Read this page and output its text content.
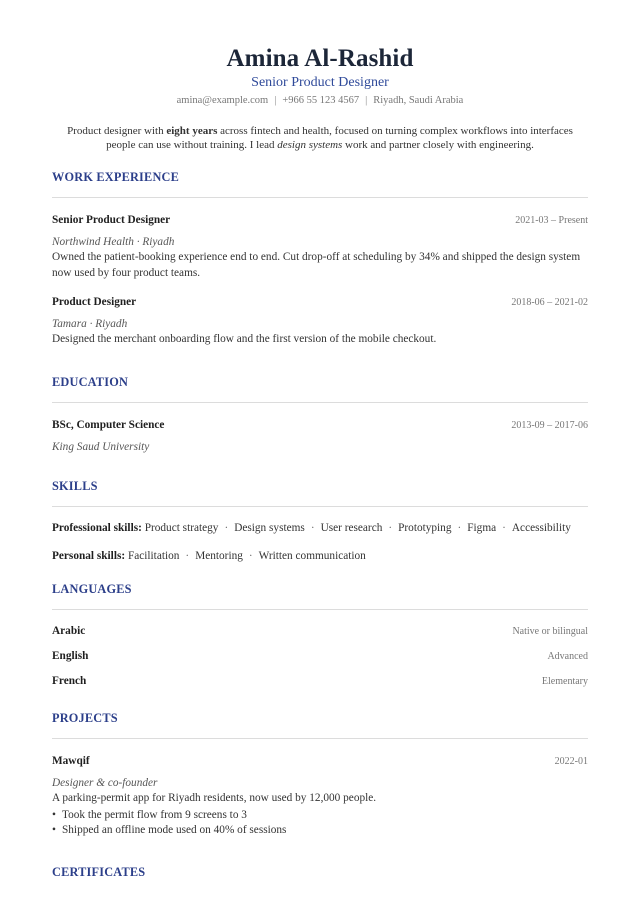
Amina Al-Rashid
Senior Product Designer
amina@example.com | +966 55 123 4567 | Riyadh, Saudi Arabia
Product designer with eight years across fintech and health, focused on turning complex workflows into interfaces people can use without training. I lead design systems work and partner closely with engineering.
WORK EXPERIENCE
Senior Product Designer	2021-03 – Present
Northwind Health · Riyadh
Owned the patient-booking experience end to end. Cut drop-off at scheduling by 34% and shipped the design system now used by four product teams.
Product Designer	2018-06 – 2021-02
Tamara · Riyadh
Designed the merchant onboarding flow and the first version of the mobile checkout.
EDUCATION
BSc, Computer Science	2013-09 – 2017-06
King Saud University
SKILLS
Professional skills: Product strategy · Design systems · User research · Prototyping · Figma · Accessibility
Personal skills: Facilitation · Mentoring · Written communication
LANGUAGES
Arabic	Native or bilingual
English	Advanced
French	Elementary
PROJECTS
Mawqif	2022-01
Designer & co-founder
A parking-permit app for Riyadh residents, now used by 12,000 people.
• Took the permit flow from 9 screens to 3
• Shipped an offline mode used on 40% of sessions
CERTIFICATES
